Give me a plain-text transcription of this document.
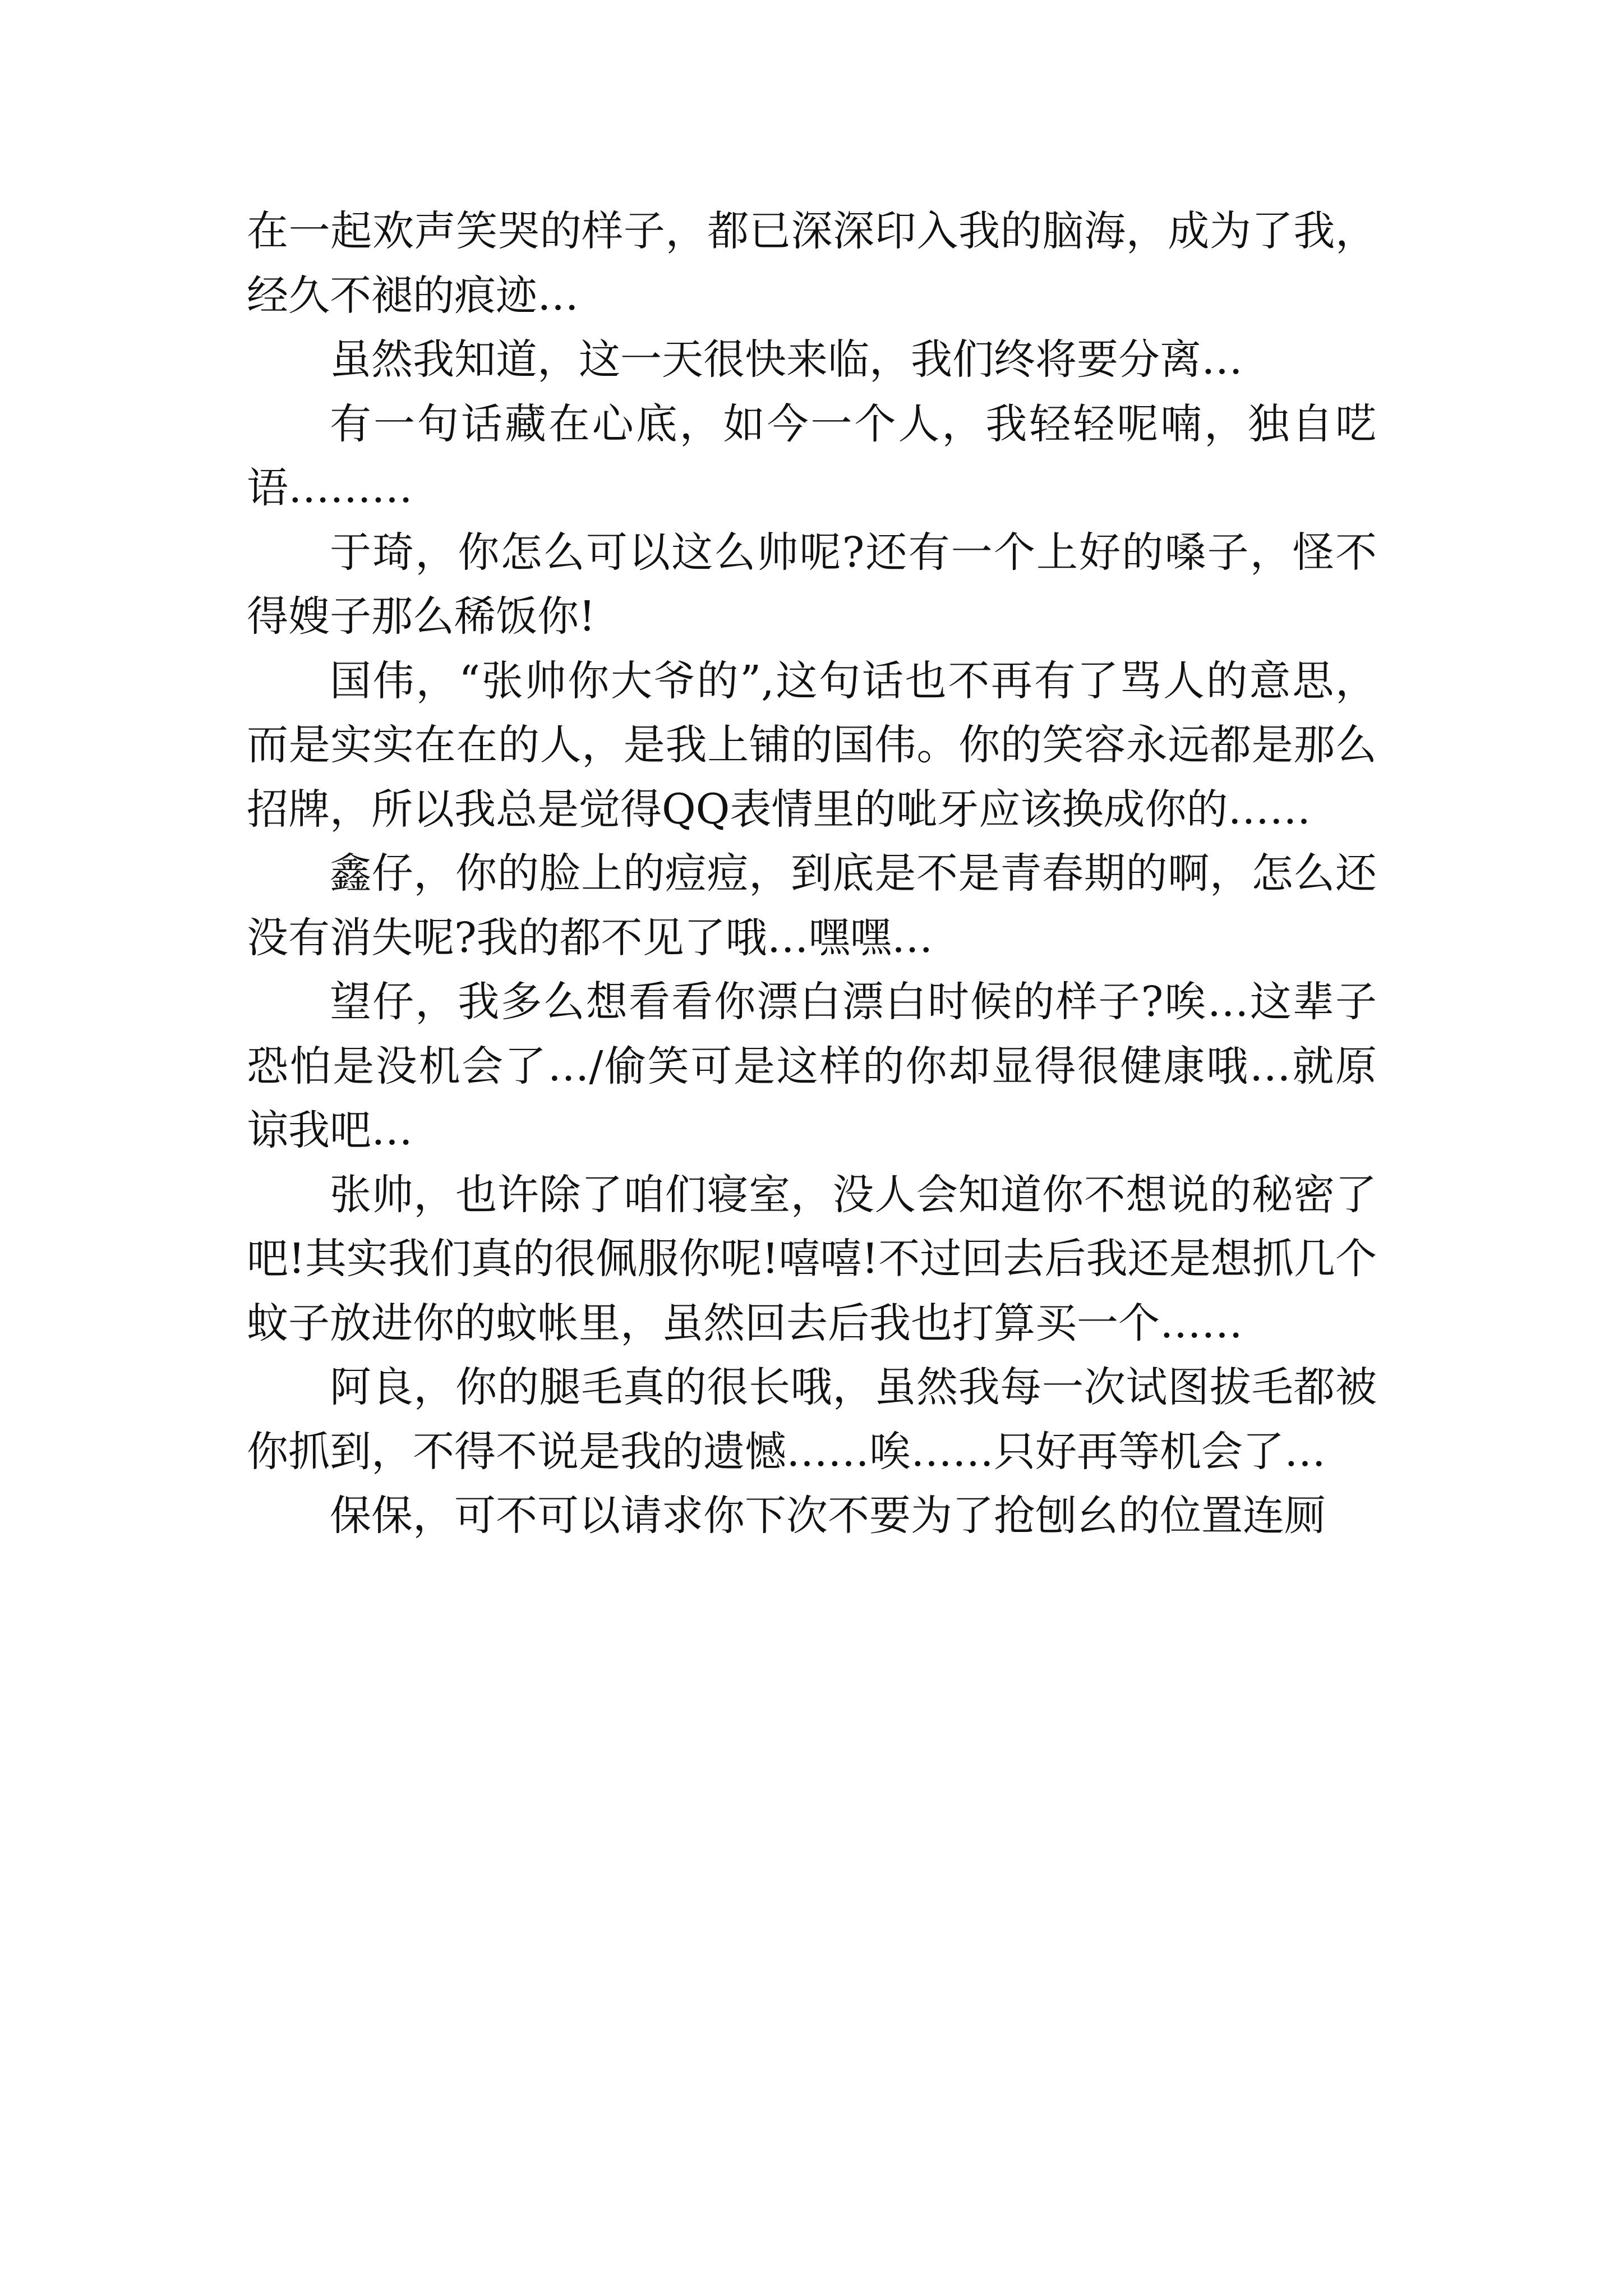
在一起欢声笑哭的样子，都已深深印入我的脑海，成为了我，经久不褪的痕迹…

虽然我知道，这一天很快来临，我们终将要分离…

有一句话藏在心底，如今一个人，我轻轻呢喃，独自呓语………

于琦，你怎么可以这么帅呢?还有一个上好的嗓子，怪不得嫂子那么稀饭你!

国伟，“张帅你大爷的”,这句话也不再有了骂人的意思，而是实实在在的人，是我上铺的国伟。你的笑容永远都是那么招牌，所以我总是觉得QQ表情里的呲牙应该换成你的……

鑫仔，你的脸上的痘痘，到底是不是青春期的啊，怎么还没有消失呢?我的都不见了哦…嘿嘿…

望仔，我多么想看看你漂白漂白时候的样子?唉…这辈子恐怕是没机会了…/偷笑可是这样的你却显得很健康哦…就原谅我吧…

张帅，也许除了咱们寝室，没人会知道你不想说的秘密了吧!其实我们真的很佩服你呢!嘻嘻!不过回去后我还是想抓几个蚊子放进你的蚊帐里，虽然回去后我也打算买一个……

阿良，你的腿毛真的很长哦，虽然我每一次试图拔毛都被你抓到，不得不说是我的遗憾……唉……只好再等机会了…

保保，可不可以请求你下次不要为了抢刨幺的位置连厕
